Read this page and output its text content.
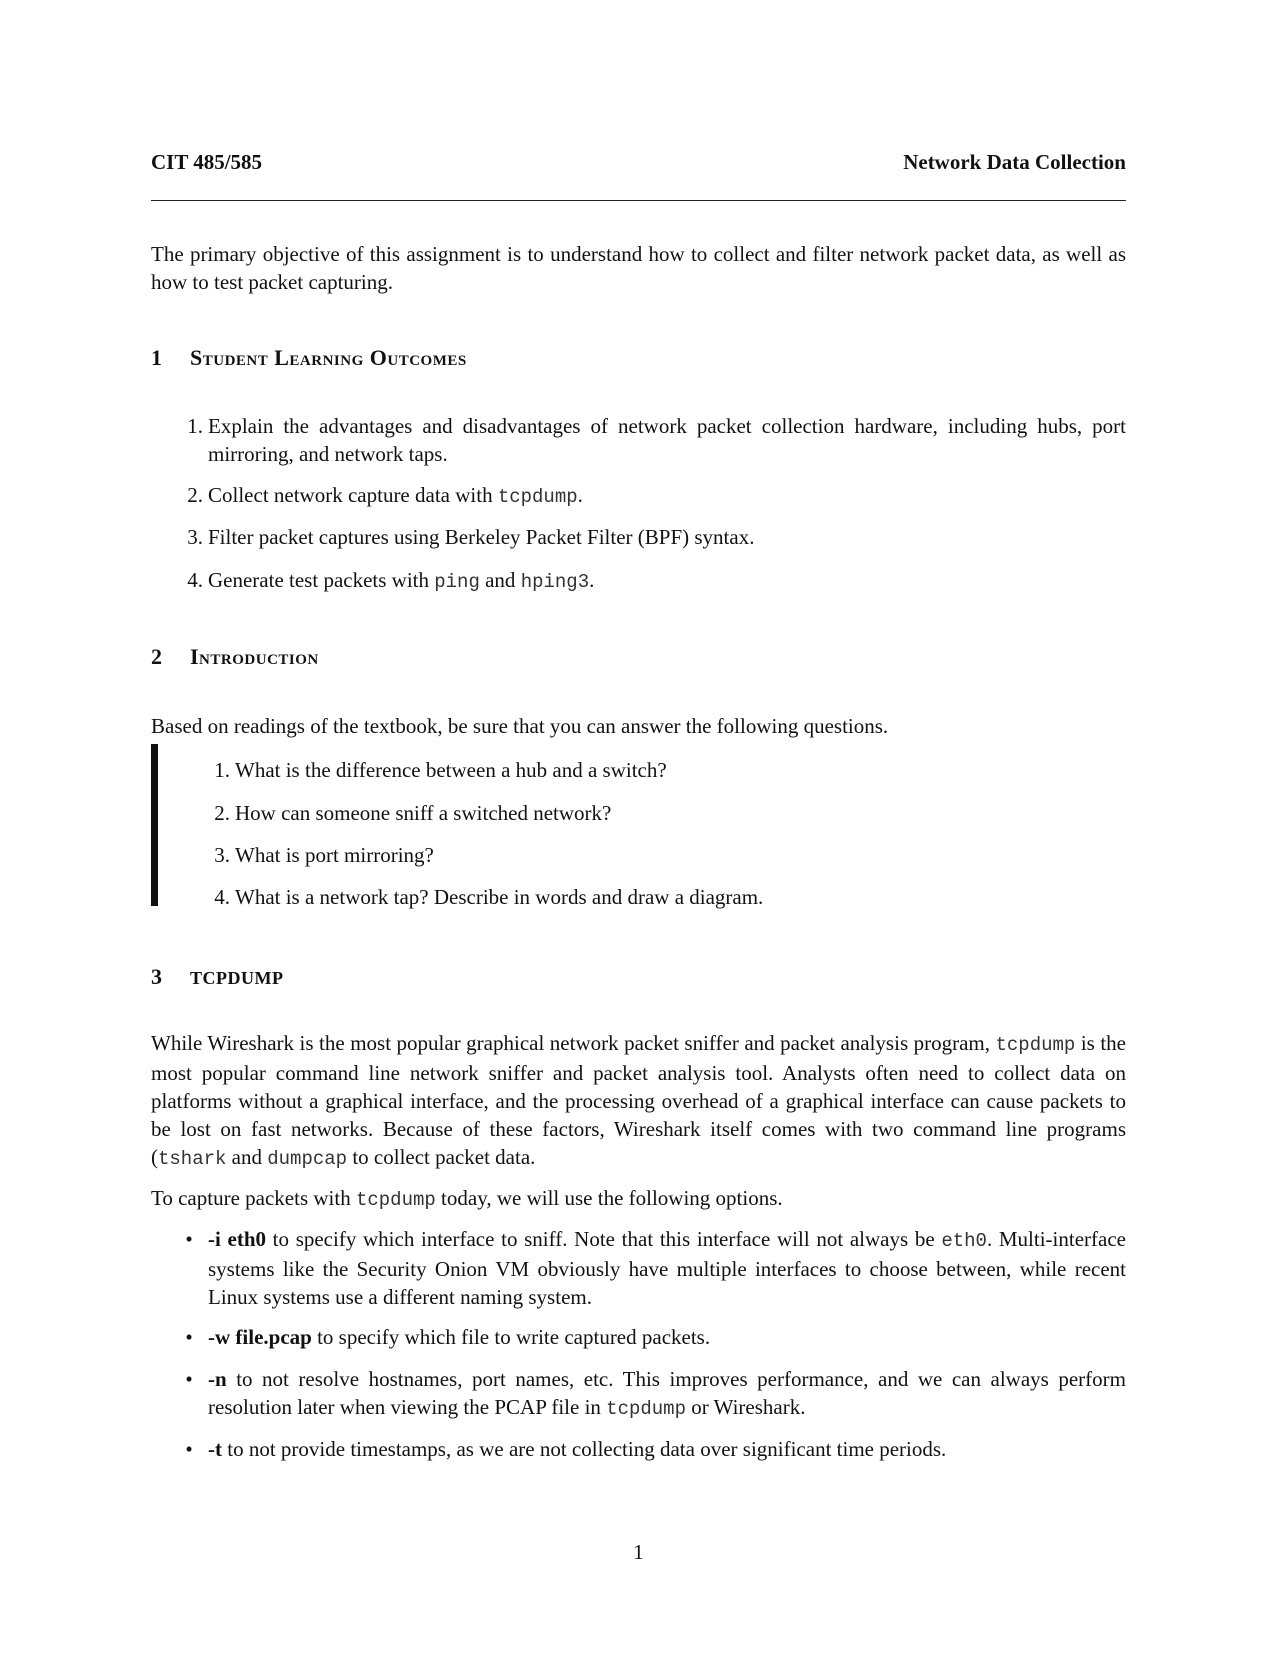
CIT 485/585	Network Data Collection
The primary objective of this assignment is to understand how to collect and filter network packet data, as well as how to test packet capturing.
1 Student Learning Outcomes
1. Explain the advantages and disadvantages of network packet collection hardware, including hubs, port mirroring, and network taps.
2. Collect network capture data with tcpdump.
3. Filter packet captures using Berkeley Packet Filter (BPF) syntax.
4. Generate test packets with ping and hping3.
2 Introduction
Based on readings of the textbook, be sure that you can answer the following questions.
1. What is the difference between a hub and a switch?
2. How can someone sniff a switched network?
3. What is port mirroring?
4. What is a network tap? Describe in words and draw a diagram.
3 TCPDUMP
While Wireshark is the most popular graphical network packet sniffer and packet analysis program, tcpdump is the most popular command line network sniffer and packet analysis tool. Analysts often need to collect data on platforms without a graphical interface, and the processing overhead of a graphical interface can cause packets to be lost on fast networks. Because of these factors, Wireshark itself comes with two command line programs (tshark and dumpcap to collect packet data.
To capture packets with tcpdump today, we will use the following options.
• -i eth0 to specify which interface to sniff. Note that this interface will not always be eth0. Multi-interface systems like the Security Onion VM obviously have multiple interfaces to choose between, while recent Linux systems use a different naming system.
• -w file.pcap to specify which file to write captured packets.
• -n to not resolve hostnames, port names, etc. This improves performance, and we can always perform resolution later when viewing the PCAP file in tcpdump or Wireshark.
• -t to not provide timestamps, as we are not collecting data over significant time periods.
1
